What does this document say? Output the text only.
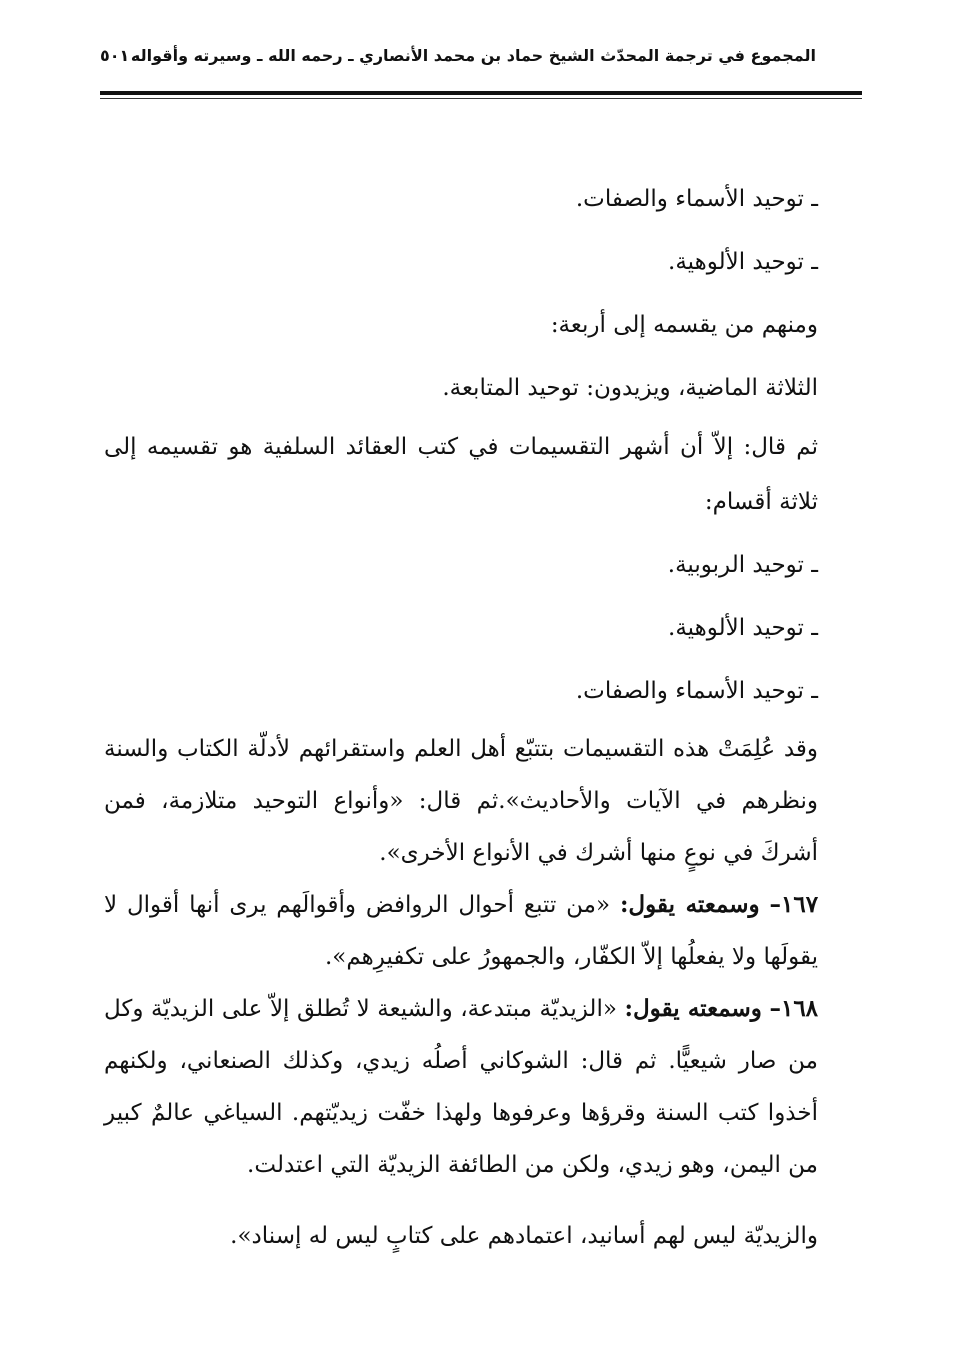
المجموع في ترجمة المحدّث الشيخ حماد بن محمد الأنصاري ـ رحمه الله ـ وسيرته وأقواله
٥٠١

ـ توحيد الأسماء والصفات.

ـ توحيد الألوهية.

ومنهم من يقسمه إلى أربعة:

الثلاثة الماضية، ويزيدون: توحيد المتابعة.

ثم قال: إلاّ أن أشهر التقسيمات في كتب العقائد السلفية هو تقسيمه إلى ثلاثة أقسام:

ـ توحيد الربوبية.

ـ توحيد الألوهية.

ـ توحيد الأسماء والصفات.

وقد عُلِمَتْ هذه التقسيمات بتتبّع أهل العلم واستقرائهم لأدلّة الكتاب والسنة ونظرهم في الآيات والأحاديث».ثم قال: «وأنواع التوحيد متلازمة، فمن أشركَ في نوعٍ منها أشرك في الأنواع الأخرى».

١٦٧– وسمعته يقول: «من تتبع أحوال الروافض وأقوالَهم يرى أنها أقوال لا يقولَها ولا يفعلُها إلاّ الكفّار، والجمهورُ على تكفيرِهم».

١٦٨– وسمعته يقول: «الزيديّة مبتدعة، والشيعة لا تُطلق إلاّ على الزيديّة وكل من صار شيعيًّا. ثم قال: الشوكاني أصلُه زيدي، وكذلك الصنعاني، ولكنهم أخذوا كتب السنة وقرؤها وعرفوها ولهذا خفّت زيديّتهم. السياغي عالمٌ كبير من اليمن، وهو زيدي، ولكن من الطائفة الزيديّة التي اعتدلت.

والزيديّة ليس لهم أسانيد، اعتمادهم على كتابٍ ليس له إسناد».
